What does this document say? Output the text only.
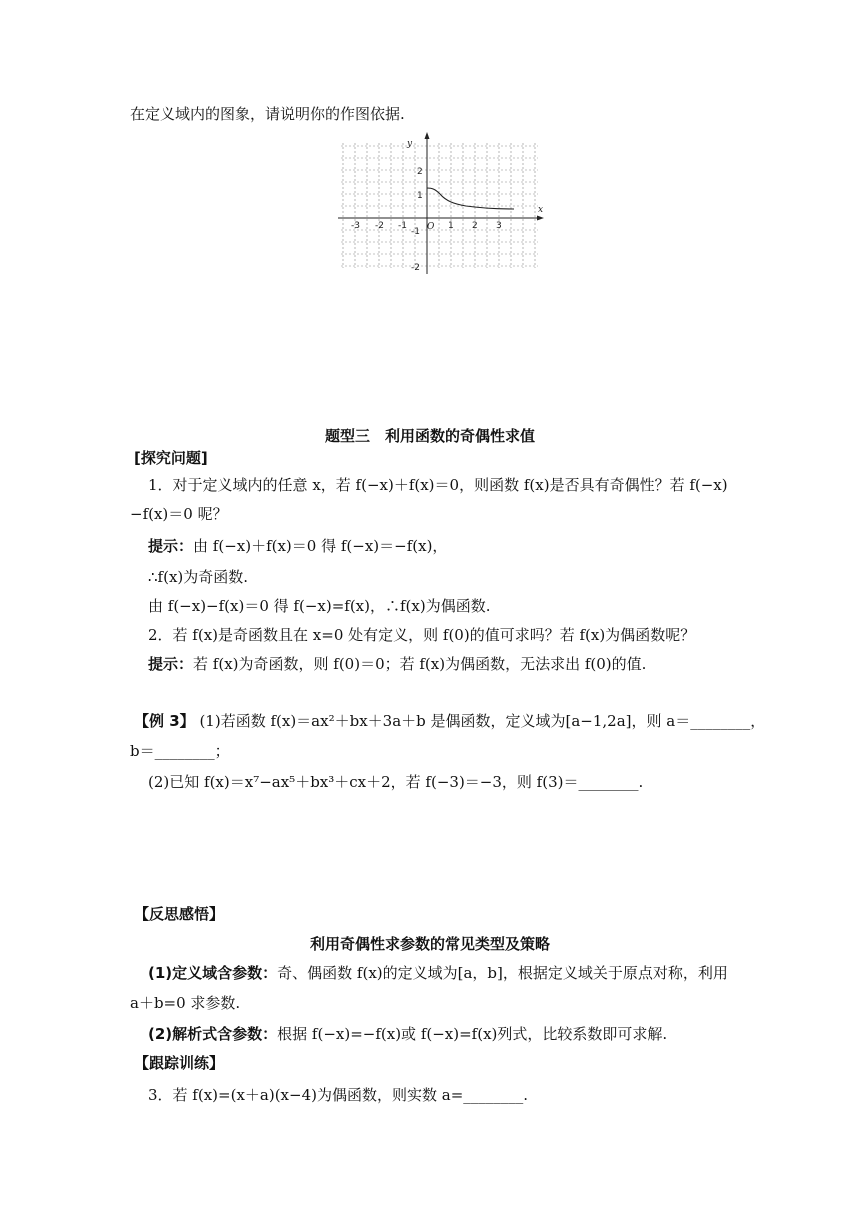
在定义域内的图象，请说明你的作图依据.
-3 -2 -1	1 2 3
2
1
-1
-2
O
x
y
题型三　利用函数的奇偶性求值
[探究问题]
1．对于定义域内的任意 x，若 f(−x)＋f(x)＝0，则函数 f(x)是否具有奇偶性？若 f(−x)
−f(x)＝0 呢？
提示：由 f(−x)＋f(x)＝0 得 f(−x)＝−f(x)，
∴f(x)为奇函数.
由 f(−x)−f(x)＝0 得 f(−x)=f(x)，∴f(x)为偶函数.
2．若 f(x)是奇函数且在 x=0 处有定义，则 f(0)的值可求吗？若 f(x)为偶函数呢？
提示：若 f(x)为奇函数，则 f(0)＝0；若 f(x)为偶函数，无法求出 f(0)的值.
【例 3】 (1)若函数 f(x)＝ax²＋bx＋3a＋b 是偶函数，定义域为[a−1,2a]，则 a＝________，
b＝________；
(2)已知 f(x)＝x⁷−ax⁵＋bx³＋cx＋2，若 f(−3)＝−3，则 f(3)＝________.
【反思感悟】
利用奇偶性求参数的常见类型及策略
(1)定义域含参数：奇、偶函数 f(x)的定义域为[a，b]，根据定义域关于原点对称，利用
a＋b=0 求参数.
(2)解析式含参数：根据 f(−x)=−f(x)或 f(−x)=f(x)列式，比较系数即可求解.
【跟踪训练】
3．若 f(x)=(x＋a)(x−4)为偶函数，则实数 a=________.
